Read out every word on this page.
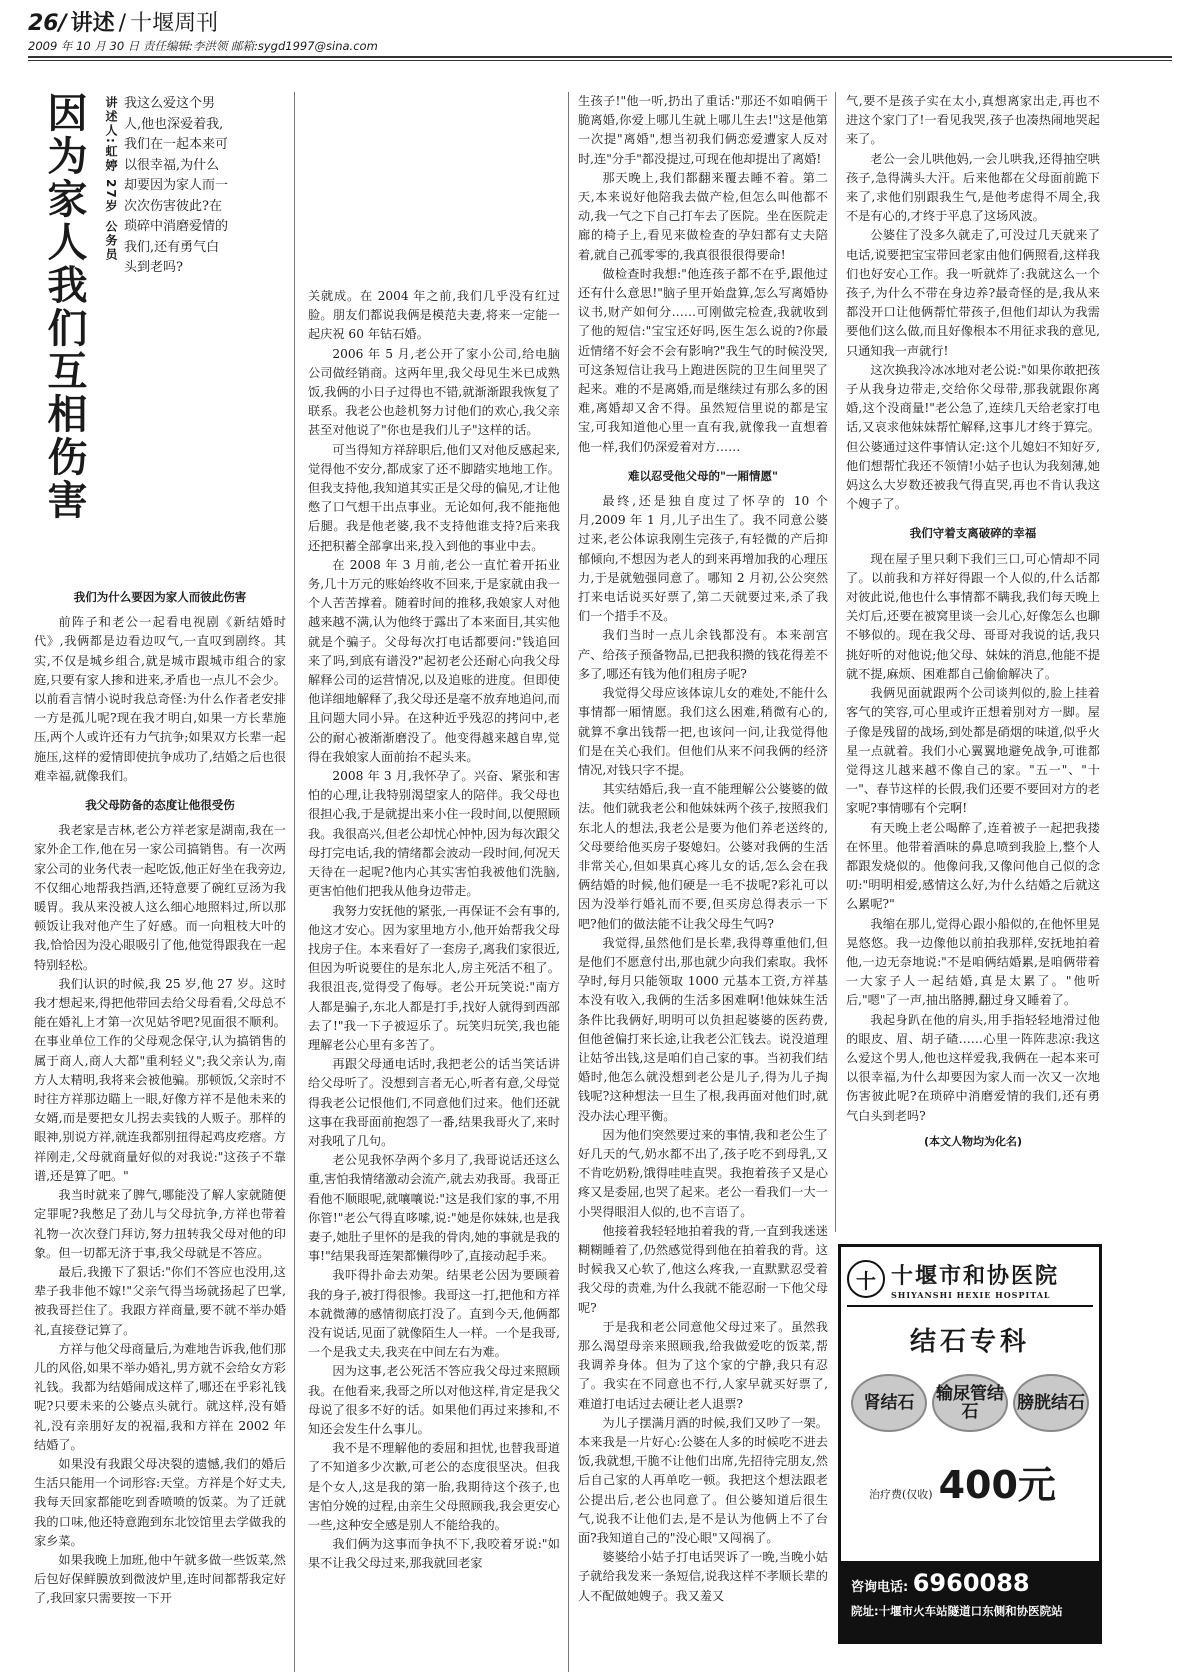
26/ 讲述 / 十堰周刊
2009 年 10 月 30 日 责任编辑:李洪领 邮箱:sygd1997@sina.com
因为家人我们互相伤害	讲述人:虹婷 27岁 公务员 我这么爱这个男人,他也深爱着我,我们在一起本来可以很幸福,为什么却要因为家人而一次次伤害彼此?在琐碎中消磨爱情的我们,还有勇气白头到老吗?
我们为什么要因为家人而彼此伤害

前阵子和老公一起看电视剧《新结婚时代》,我俩都是边看边叹气,一直叹到剧终。其实,不仅是城乡组合,就是城市跟城市组合的家庭,只要有家人掺和进来,矛盾也一点儿不会少。以前看言情小说时我总奇怪:为什么作者老安排一方是孤儿呢?现在我才明白,如果一方长辈施压,两个人或许还有力气抗争;如果双方长辈一起施压,这样的爱情即使抗争成功了,结婚之后也很难幸福,就像我们。

我父母防备的态度让他很受伤

我老家是吉林,老公方祥老家是湖南,我在一家外企工作,他在另一家公司搞销售。有一次两家公司的业务代表一起吃饭,他正好坐在我旁边,不仅细心地帮我挡酒,还特意要了碗红豆汤为我暖胃。我从来没被人这么细心地照料过,所以那顿饭让我对他产生了好感。而一向粗枝大叶的我,恰恰因为没心眼吸引了他,他觉得跟我在一起特别轻松。

我们认识的时候,我 25 岁,他 27 岁。这时我才想起来,得把他带回去给父母看看,父母总不能在婚礼上才第一次见姑爷吧?见面很不顺利。在事业单位工作的父母观念保守,认为搞销售的属于商人,商人大都"重利轻义";我父亲认为,南方人太精明,我将来会被他骗。那顿饭,父亲时不时往方祥那边瞄上一眼,好像方祥不是他未来的女婿,而是要把女儿拐去卖钱的人贩子。那样的眼神,别说方祥,就连我都别扭得起鸡皮疙瘩。方祥刚走,父母就商量好似的对我说:"这孩子不靠谱,还是算了吧。"

我当时就来了脾气,哪能没了解人家就随便定罪呢?我憋足了劲儿与父母抗争,方祥也带着礼物一次次登门拜访,努力扭转我父母对他的印象。但一切都无济于事,我父母就是不答应。

最后,我搬下了狠话:"你们不答应也没用,这辈子我非他不嫁!"父亲气得当场就扬起了巴掌,被我哥拦住了。我跟方祥商量,要不就不举办婚礼,直接登记算了。

方祥与他父母商量后,为难地告诉我,他们那儿的风俗,如果不举办婚礼,男方就不会给女方彩礼钱。我都为结婚闹成这样了,哪还在乎彩礼钱呢?只要未来的公婆点头就行。就这样,没有婚礼,没有亲朋好友的祝福,我和方祥在 2002 年结婚了。

如果没有我跟父母决裂的遗憾,我们的婚后生活只能用一个词形容:天堂。方祥是个好丈夫,我每天回家都能吃到香喷喷的饭菜。为了迁就我的口味,他还特意跑到东北饺馆里去学做我的家乡菜。

如果我晚上加班,他中午就多做一些饭菜,然后包好保鲜膜放到微波炉里,连时间都帮我定好了,我回家只需要按一下开

关就成。在 2004 年之前,我们几乎没有红过脸。朋友们都说我俩是模范夫妻,将来一定能一起庆祝 60 年钻石婚。

2006 年 5 月,老公开了家小公司,给电脑公司做经销商。这两年里,我父母见生米已成熟饭,我俩的小日子过得也不错,就渐渐跟我恢复了联系。我老公也趁机努力讨他们的欢心,我父亲甚至对他说了"你也是我们儿子"这样的话。

可当得知方祥辞职后,他们又对他反感起来,觉得他不安分,都成家了还不脚踏实地地工作。但我支持他,我知道其实正是父母的偏见,才让他憋了口气想干出点事业。无论如何,我不能拖他后腿。我是他老婆,我不支持他谁支持?后来我还把积蓄全部拿出来,投入到他的事业中去。

在 2008 年 3 月前,老公一直忙着开拓业务,几十万元的账始终收不回来,于是家就由我一个人苦苦撑着。随着时间的推移,我娘家人对他越来越不满,认为他终于露出了本来面目,其实他就是个骗子。父母每次打电话都要问:"钱追回来了吗,到底有谱没?"起初老公还耐心向我父母解释公司的运营情况,以及追账的进度。但即使他详细地解释了,我父母还是毫不放弃地追问,而且问题大同小异。在这种近乎残忍的拷问中,老公的耐心被渐渐磨没了。他变得越来越自卑,觉得在我娘家人面前抬不起头来。

2008 年 3 月,我怀孕了。兴奋、紧张和害怕的心理,让我特别渴望家人的陪伴。我父母也很担心我,于是就提出来小住一段时间,以便照顾我。我很高兴,但老公却忧心忡忡,因为每次跟父母打完电话,我的情绪都会波动一段时间,何况天天待在一起呢?他内心其实害怕我被他们洗脑,更害怕他们把我从他身边带走。

我努力安抚他的紧张,一再保证不会有事的,他这才安心。因为家里地方小,他开始帮我父母找房子住。本来看好了一套房子,离我们家很近,但因为听说要住的是东北人,房主死活不租了。我很沮丧,觉得受了侮辱。老公开玩笑说:"南方人都是骗子,东北人都是打手,找好人就得到西部去了!"我一下子被逗乐了。玩笑归玩笑,我也能理解老公心里有多苦了。

再跟父母通电话时,我把老公的话当笑话讲给父母听了。没想到言者无心,听者有意,父母觉得我老公记恨他们,不同意他们过来。他们还就这事在我哥面前抱怨了一番,结果我哥火了,来时对我吼了几句。

老公见我怀孕两个多月了,我哥说话还这么重,害怕我情绪激动会流产,就去劝我哥。我哥正看他不顺眼呢,就嚷嚷说:"这是我们家的事,不用你管!"老公气得直哆嗦,说:"她是你妹妹,也是我妻子,她肚子里怀的是我的骨肉,她的事就是我的事!"结果我哥连架都懒得吵了,直接动起手来。

我吓得扑命去劝架。结果老公因为要顾着我的身子,被打得很惨。我哥这一打,把他和方祥本就微薄的感情彻底打没了。直到今天,他俩都没有说话,见面了就像陌生人一样。一个是我哥,一个是我丈夫,我夹在中间左右为难。

因为这事,老公死活不答应我父母过来照顾我。在他看来,我哥之所以对他这样,肯定是我父母说了很多不好的话。如果他们再过来掺和,不知还会发生什么事儿。

我不是不理解他的委屈和担忧,也替我哥道了不知道多少次歉,可老公的态度很坚决。但我是个女人,这是我的第一胎,我期待这个孩子,也害怕分娩的过程,由亲生父母照顾我,我会更安心一些,这种安全感是别人不能给我的。

我们俩为这事而争执不下,我咬着牙说:"如果不让我父母过来,那我就回老家

生孩子!"他一听,扔出了重话:"那还不如咱俩干脆离婚,你爱上哪儿生就上哪儿生去!"这是他第一次提"离婚",想当初我们俩恋爱遭家人反对时,连"分手"都没提过,可现在他却提出了离婚!

那天晚上,我们都翻来覆去睡不着。第二天,本来说好他陪我去做产检,但怎么叫他都不动,我一气之下自己打车去了医院。坐在医院走廊的椅子上,看见来做检查的孕妇都有丈夫陪着,就自己孤零零的,我真很很很得要命!

做检查时我想:"他连孩子都不在乎,跟他过还有什么意思!"脑子里开始盘算,怎么写离婚协议书,财产如何分……可刚做完检查,我就收到了他的短信:"宝宝还好吗,医生怎么说的?你最近情绪不好会不会有影响?"我生气的时候没哭,可这条短信让我马上跑进医院的卫生间里哭了起来。难的不是离婚,而是继续过有那么多的困难,离婚却又舍不得。虽然短信里说的都是宝宝,可我知道他心里一直有我,就像我一直想着他一样,我们仍深爱着对方……

难以忍受他父母的"一厢情愿"

最终,还是独自度过了怀孕的 10 个月,2009 年 1 月,儿子出生了。我不同意公婆过来,老公体谅我刚生完孩子,有轻微的产后抑郁倾向,不想因为老人的到来再增加我的心理压力,于是就勉强同意了。哪知 2 月初,公公突然打来电话说买好票了,第二天就要过来,杀了我们一个措手不及。

我们当时一点儿余钱都没有。本来剖宫产、给孩子预备物品,已把我积攒的钱花得差不多了,哪还有钱为他们租房子呢?

我觉得父母应该体谅儿女的难处,不能什么事情都一厢情愿。我们这么困难,稍微有心的,就算不拿出钱帮一把,也该问一问,让我觉得他们是在关心我们。但他们从来不问我俩的经济情况,对钱只字不提。

其实结婚后,我一直不能理解公公婆婆的做法。他们就我老公和他妹妹两个孩子,按照我们东北人的想法,我老公是要为他们养老送终的,父母要给他买房子娶媳妇。公婆对我俩的生活非常关心,但如果真心疼儿女的话,怎么会在我俩结婚的时候,他们硬是一毛不拔呢?彩礼可以因为没举行婚礼而不要,但买房总得表示一下吧?他们的做法能不让我父母生气吗?

我觉得,虽然他们是长辈,我得尊重他们,但是他们不愿意付出,那也就少向我们索取。我怀孕时,每月只能领取 1000 元基本工资,方祥基本没有收入,我俩的生活多困难啊!他妹妹生活条件比我俩好,明明可以负担起婆婆的医药费,但他爸偏打来长途,让我老公汇钱去。说没道理让姑爷出钱,这是咱们自己家的事。当初我们结婚时,他怎么就没想到老公是儿子,得为儿子掏钱呢?这种想法一旦生了根,我再面对他们时,就没办法心理平衡。

因为他们突然要过来的事情,我和老公生了好几天的气,奶水都不出了,孩子吃不到母乳,又不肯吃奶粉,饿得哇哇直哭。我抱着孩子又是心疼又是委屈,也哭了起来。老公一看我们一大一小哭得眼泪人似的,也不言语了。

他接着我轻轻地拍着我的背,一直到我迷迷糊糊睡着了,仍然感觉得到他在拍着我的背。这时候我又心软了,他这么疼我,一直默默忍受着我父母的责难,为什么我就不能忍耐一下他父母呢?

于是我和老公同意他父母过来了。虽然我那么渴望母亲来照顾我,给我做爱吃的饭菜,帮我调养身体。但为了这个家的宁静,我只有忍了。我实在不同意也不行,人家早就买好票了,难道打电话过去硬让老人退票?

为儿子摆满月酒的时候,我们又吵了一架。本来我是一片好心:公婆在人多的时候吃不进去饭,我就想,干脆不让他们出席,先招待完朋友,然后自己家的人再单吃一顿。我把这个想法跟老公提出后,老公也同意了。但公婆知道后很生气,说我不让他们去,是不是认为他俩上不了台面?我知道自己的"没心眼"又闯祸了。

婆婆给小姑子打电话哭诉了一晚,当晚小姑子就给我发来一条短信,说我这样不孝顺长辈的人不配做她嫂子。我又羞又

气,要不是孩子实在太小,真想离家出走,再也不进这个家门了!一看见我哭,孩子也凑热闹地哭起来了。

老公一会儿哄他妈,一会儿哄我,还得抽空哄孩子,急得满头大汗。后来他都在父母面前跪下来了,求他们别跟我生气,是他考虑得不周全,我不是有心的,才终于平息了这场风波。

公婆住了没多久就走了,可没过几天就来了电话,说要把宝宝带回老家由他们俩照看,这样我们也好安心工作。我一听就炸了:我就这么一个孩子,为什么不带在身边养?最奇怪的是,我从来都没开口让他俩帮忙带孩子,但他们却认为我需要他们这么做,而且好像根本不用征求我的意见,只通知我一声就行!

这次换我冷冰冰地对老公说:"如果你敢把孩子从我身边带走,交给你父母带,那我就跟你离婚,这个没商量!"老公急了,连续几天给老家打电话,又哀求他妹妹帮忙解释,这事儿才终于算完。但公婆通过这件事情认定:这个儿媳妇不知好歹,他们想帮忙我还不领情!小姑子也认为我刻薄,她妈这么大岁数还被我气得直哭,再也不肯认我这个嫂子了。

我们守着支离破碎的幸福

现在屋子里只剩下我们三口,可心情却不同了。以前我和方祥好得跟一个人似的,什么话都对彼此说,他也什么事情都不瞒我,我们每天晚上关灯后,还要在被窝里谈一会儿心,好像怎么也聊不够似的。现在我父母、哥哥对我说的话,我只挑好听的对他说;他父母、妹妹的消息,他能不提就不提,麻烦、困难都自己偷偷解决了。

我俩见面就跟两个公司谈判似的,脸上挂着客气的笑容,可心里或许正想着别对方一脚。屋子像是残留的战场,到处都是硝烟的味道,似乎火星一点就着。我们小心翼翼地避免战争,可谁都觉得这儿越来越不像自己的家。"五一"、"十一"、春节这样的长假,我们还要不要回对方的老家呢?事情哪有个完啊!

有天晚上老公喝醉了,连着被子一起把我搂在怀里。他带着酒味的鼻息喷到我脸上,整个人都跟发烧似的。他像问我,又像问他自己似的念叨:"明明相爱,感情这么好,为什么结婚之后就这么累呢?"

我缩在那儿,觉得心跟小船似的,在他怀里晃晃悠悠。我一边像他以前拍我那样,安抚地拍着他,一边无奈地说:"不是咱俩结婚累,是咱俩带着一大家子人一起结婚,真是太累了。"他听后,"嗯"了一声,抽出胳膊,翻过身又睡着了。

我起身趴在他的肩头,用手指轻轻地滑过他的眼皮、眉、胡子碴……心里一阵阵悲凉:我这么爱这个男人,他也这样爱我,我俩在一起本来可以很幸福,为什么却要因为家人而一次又一次地伤害彼此呢?在琐碎中消磨爱情的我们,还有勇气白头到老吗?

(本文人物均为化名)
十 十堰市和协医院
SHIYANSHI HEXIE HOSPITAL
结石专科
肾结石	输尿管结石	膀胱结石
治疗费(仅收) 400元
咨询电话: 6960088
院址:十堰市火车站隧道口东侧和协医院站
